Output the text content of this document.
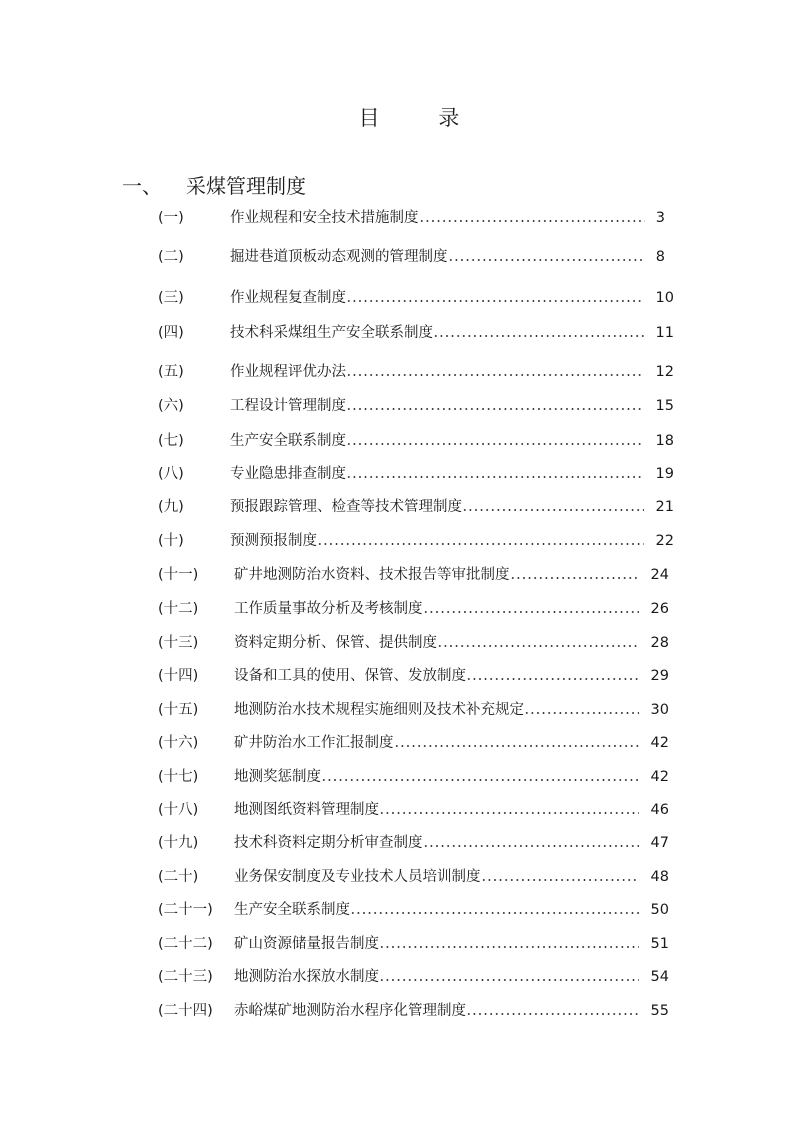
目 录
一、 采煤管理制度
(一)	作业规程和安全技术措施制度	3
(二)	掘进巷道顶板动态观测的管理制度	8
(三)	作业规程复查制度	10
(四)	技术科采煤组生产安全联系制度	11
(五)	作业规程评优办法	12
(六)	工程设计管理制度	15
(七)	生产安全联系制度	18
(八)	专业隐患排查制度	19
(九)	预报跟踪管理、检查等技术管理制度	21
(十)	预测预报制度	22
(十一) 矿井地测防治水资料、技术报告等审批制度	24
(十二) 工作质量事故分析及考核制度	26
(十三) 资料定期分析、保管、提供制度	28
(十四) 设备和工具的使用、保管、发放制度	29
(十五) 地测防治水技术规程实施细则及技术补充规定	30
(十六) 矿井防治水工作汇报制度	42
(十七) 地测奖惩制度	42
(十八) 地测图纸资料管理制度	46
(十九) 技术科资料定期分析审查制度	47
(二十) 业务保安制度及专业技术人员培训制度	48
(二十一) 生产安全联系制度	50
(二十二) 矿山资源储量报告制度	51
(二十三) 地测防治水探放水制度	54
(二十四) 赤峪煤矿地测防治水程序化管理制度	55
